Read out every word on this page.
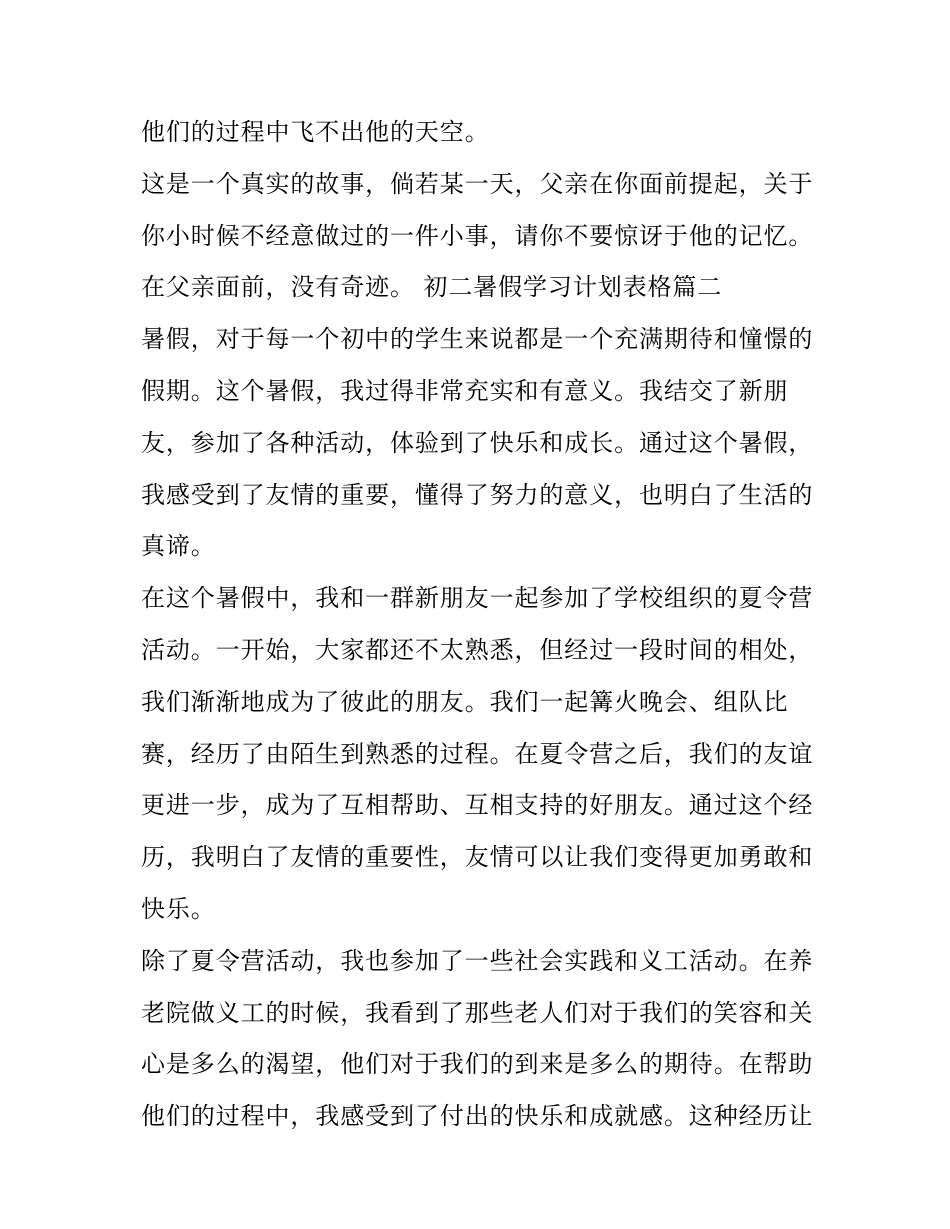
他们的过程中飞不出他的天空。
这是一个真实的故事，倘若某一天，父亲在你面前提起，关于
你小时候不经意做过的一件小事，请你不要惊讶于他的记忆。
在父亲面前，没有奇迹。 初二暑假学习计划表格篇二
暑假，对于每一个初中的学生来说都是一个充满期待和憧憬的
假期。这个暑假，我过得非常充实和有意义。我结交了新朋
友，参加了各种活动，体验到了快乐和成长。通过这个暑假，
我感受到了友情的重要，懂得了努力的意义，也明白了生活的
真谛。
在这个暑假中，我和一群新朋友一起参加了学校组织的夏令营
活动。一开始，大家都还不太熟悉，但经过一段时间的相处，
我们渐渐地成为了彼此的朋友。我们一起篝火晚会、组队比
赛，经历了由陌生到熟悉的过程。在夏令营之后，我们的友谊
更进一步，成为了互相帮助、互相支持的好朋友。通过这个经
历，我明白了友情的重要性，友情可以让我们变得更加勇敢和
快乐。
除了夏令营活动，我也参加了一些社会实践和义工活动。在养
老院做义工的时候，我看到了那些老人们对于我们的笑容和关
心是多么的渴望，他们对于我们的到来是多么的期待。在帮助
他们的过程中，我感受到了付出的快乐和成就感。这种经历让
